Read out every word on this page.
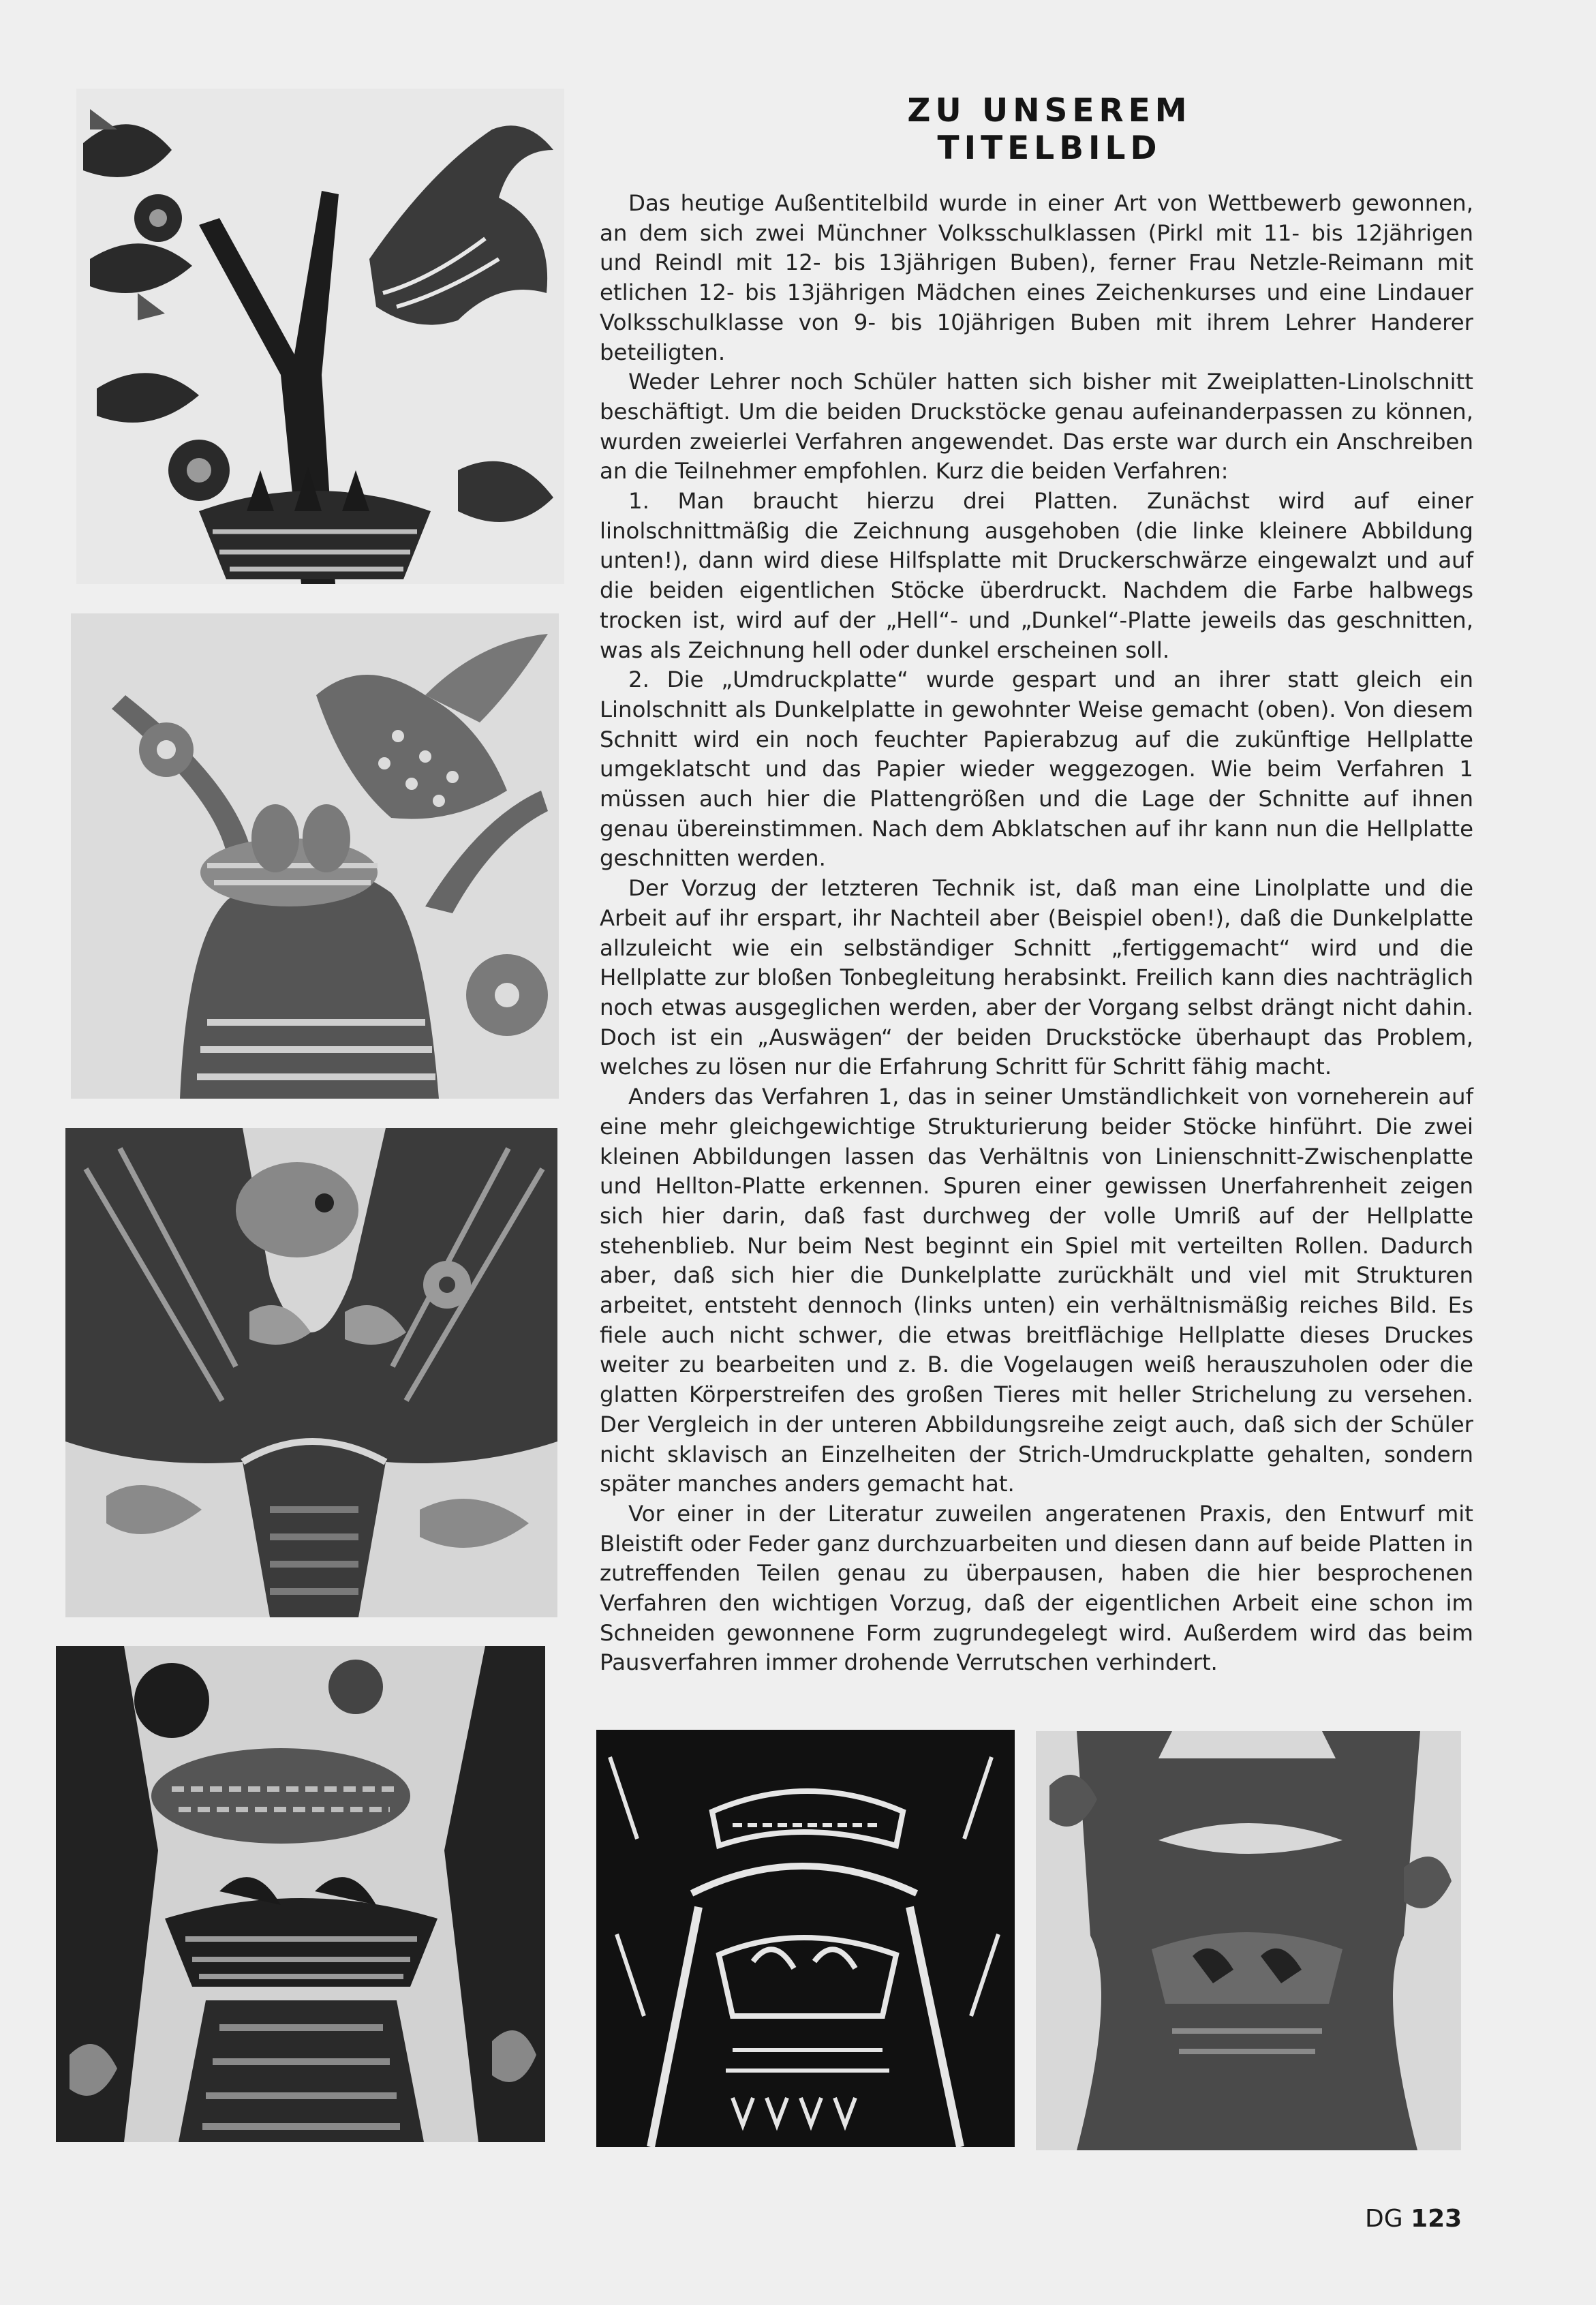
ZU UNSEREM TITELBILD

Das heutige Außentitelbild wurde in einer Art von Wettbewerb gewonnen, an dem sich zwei Münchner Volksschulklassen (Pirkl mit 11- bis 12jährigen und Reindl mit 12- bis 13jährigen Buben), ferner Frau Netzle-Reimann mit etlichen 12- bis 13jährigen Mädchen eines Zeichenkurses und eine Lindauer Volksschulklasse von 9- bis 10jährigen Buben mit ihrem Lehrer Handerer beteiligten.

Weder Lehrer noch Schüler hatten sich bisher mit Zweiplatten-Linolschnitt beschäftigt. Um die beiden Druckstöcke genau aufeinanderpassen zu können, wurden zweierlei Verfahren angewendet. Das erste war durch ein Anschreiben an die Teilnehmer empfohlen. Kurz die beiden Verfahren:

1. Man braucht hierzu drei Platten. Zunächst wird auf einer linolschnittmäßig die Zeichnung ausgehoben (die linke kleinere Abbildung unten!), dann wird diese Hilfsplatte mit Druckerschwärze eingewalzt und auf die beiden eigentlichen Stöcke überdruckt. Nachdem die Farbe halbwegs trocken ist, wird auf der „Hell“- und „Dunkel“-Platte jeweils das geschnitten, was als Zeichnung hell oder dunkel erscheinen soll.

2. Die „Umdruckplatte“ wurde gespart und an ihrer statt gleich ein Linolschnitt als Dunkelplatte in gewohnter Weise gemacht (oben). Von diesem Schnitt wird ein noch feuchter Papierabzug auf die zukünftige Hellplatte umgeklatscht und das Papier wieder weggezogen. Wie beim Verfahren 1 müssen auch hier die Plattengrößen und die Lage der Schnitte auf ihnen genau übereinstimmen. Nach dem Abklatschen auf ihr kann nun die Hellplatte geschnitten werden.

Der Vorzug der letzteren Technik ist, daß man eine Linolplatte und die Arbeit auf ihr erspart, ihr Nachteil aber (Beispiel oben!), daß die Dunkelplatte allzuleicht wie ein selbständiger Schnitt „fertiggemacht“ wird und die Hellplatte zur bloßen Tonbegleitung herabsinkt. Freilich kann dies nachträglich noch etwas ausgeglichen werden, aber der Vorgang selbst drängt nicht dahin. Doch ist ein „Auswägen“ der beiden Druckstöcke überhaupt das Problem, welches zu lösen nur die Erfahrung Schritt für Schritt fähig macht.

Anders das Verfahren 1, das in seiner Umständlichkeit von vorneherein auf eine mehr gleichgewichtige Strukturierung beider Stöcke hinführt. Die zwei kleinen Abbildungen lassen das Verhältnis von Linienschnitt-Zwischenplatte und Hellton-Platte erkennen. Spuren einer gewissen Unerfahrenheit zeigen sich hier darin, daß fast durchweg der volle Umriß auf der Hellplatte stehenblieb. Nur beim Nest beginnt ein Spiel mit verteilten Rollen. Dadurch aber, daß sich hier die Dunkelplatte zurückhält und viel mit Strukturen arbeitet, entsteht dennoch (links unten) ein verhältnismäßig reiches Bild. Es fiele auch nicht schwer, die etwas breitflächige Hellplatte dieses Druckes weiter zu bearbeiten und z. B. die Vogelaugen weiß herauszuholen oder die glatten Körperstreifen des großen Tieres mit heller Strichelung zu versehen. Der Vergleich in der unteren Abbildungsreihe zeigt auch, daß sich der Schüler nicht sklavisch an Einzelheiten der Strich-Umdruckplatte gehalten, sondern später manches anders gemacht hat.

Vor einer in der Literatur zuweilen angeratenen Praxis, den Entwurf mit Bleistift oder Feder ganz durchzuarbeiten und diesen dann auf beide Platten in zutreffenden Teilen genau zu überpausen, haben die hier besprochenen Verfahren den wichtigen Vorzug, daß der eigentlichen Arbeit eine schon im Schneiden gewonnene Form zugrundegelegt wird. Außerdem wird das beim Pausverfahren immer drohende Verrutschen verhindert.

DG 123
